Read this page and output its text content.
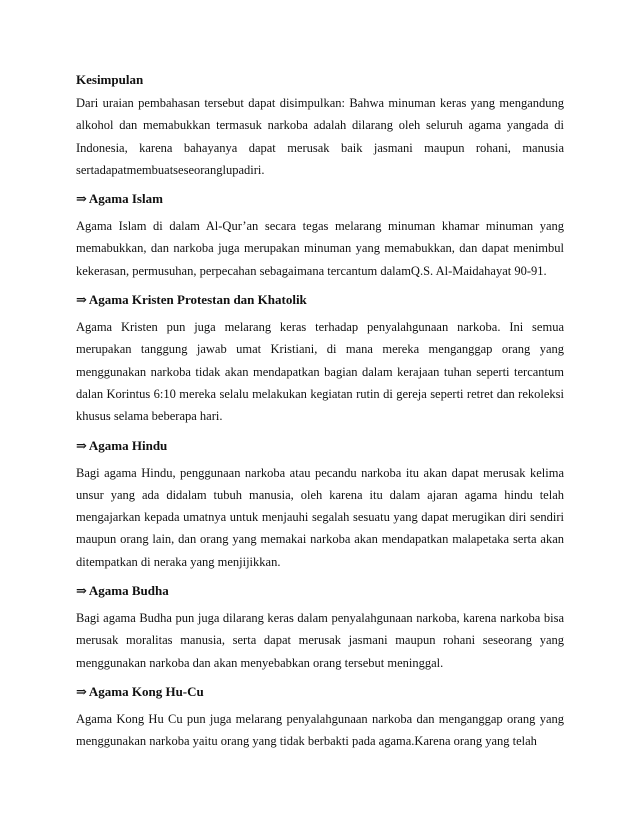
Kesimpulan

Dari uraian pembahasan tersebut dapat disimpulkan: Bahwa minuman keras yang mengandung alkohol dan memabukkan termasuk narkoba adalah dilarang oleh seluruh agama yangada di Indonesia, karena bahayanya dapat merusak baik jasmani maupun rohani, manusia sertadapatmembuatseseoranglupadiri.

⇒ Agama Islam

Agama Islam di dalam Al-Qur’an secara tegas melarang minuman khamar minuman yang memabukkan, dan narkoba juga merupakan minuman yang memabukkan, dan dapat menimbul kekerasan, permusuhan, perpecahan sebagaimana tercantum dalamQ.S. Al-Maidahayat 90-91.

⇒ Agama Kristen Protestan dan Khatolik

Agama Kristen pun juga melarang keras terhadap penyalahgunaan narkoba. Ini semua merupakan tanggung jawab umat Kristiani, di mana mereka menganggap orang yang menggunakan narkoba tidak akan mendapatkan bagian dalam kerajaan tuhan seperti tercantum dalan Korintus 6:10 mereka selalu melakukan kegiatan rutin di gereja seperti retret dan rekoleksi khusus selama beberapa hari.

⇒ Agama Hindu

Bagi agama Hindu, penggunaan narkoba atau pecandu narkoba itu akan dapat merusak kelima unsur yang ada didalam tubuh manusia, oleh karena itu dalam ajaran agama hindu telah mengajarkan kepada umatnya untuk menjauhi segalah sesuatu yang dapat merugikan diri sendiri maupun orang lain, dan orang yang memakai narkoba akan mendapatkan malapetaka serta akan ditempatkan di neraka yang menjijikkan.

⇒ Agama Budha

Bagi agama Budha pun juga dilarang keras dalam penyalahgunaan narkoba, karena narkoba bisa merusak moralitas manusia, serta dapat merusak jasmani maupun rohani seseorang yang menggunakan narkoba dan akan menyebabkan orang tersebut meninggal.

⇒ Agama Kong Hu-Cu

Agama Kong Hu Cu pun juga melarang penyalahgunaan narkoba dan menganggap orang yang menggunakan narkoba yaitu orang yang tidak berbakti pada agama.Karena orang yang telah
